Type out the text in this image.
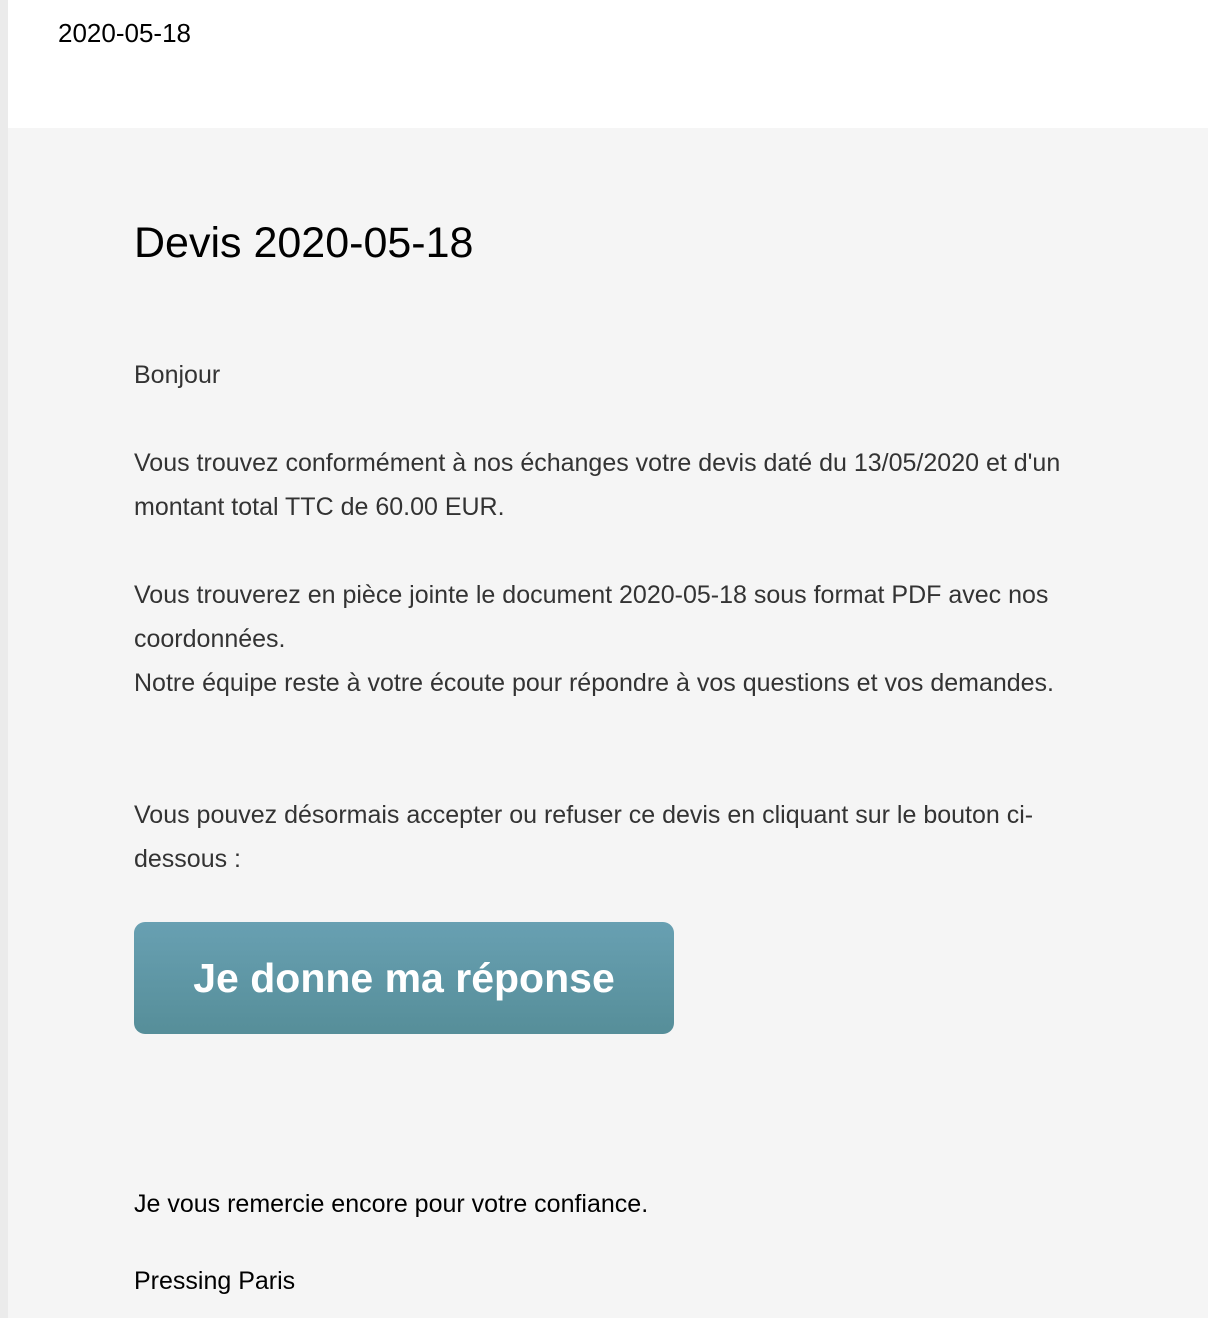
2020-05-18
Devis 2020-05-18

Bonjour

Vous trouvez conformément à nos échanges votre devis daté du 13/05/2020 et d'un montant total TTC de 60.00 EUR.

Vous trouverez en pièce jointe le document 2020-05-18 sous format PDF avec nos coordonnées.
Notre équipe reste à votre écoute pour répondre à vos questions et vos demandes.

Vous pouvez désormais accepter ou refuser ce devis en cliquant sur le bouton ci-dessous :

Je donne ma réponse

Je vous remercie encore pour votre confiance.

Pressing Paris
